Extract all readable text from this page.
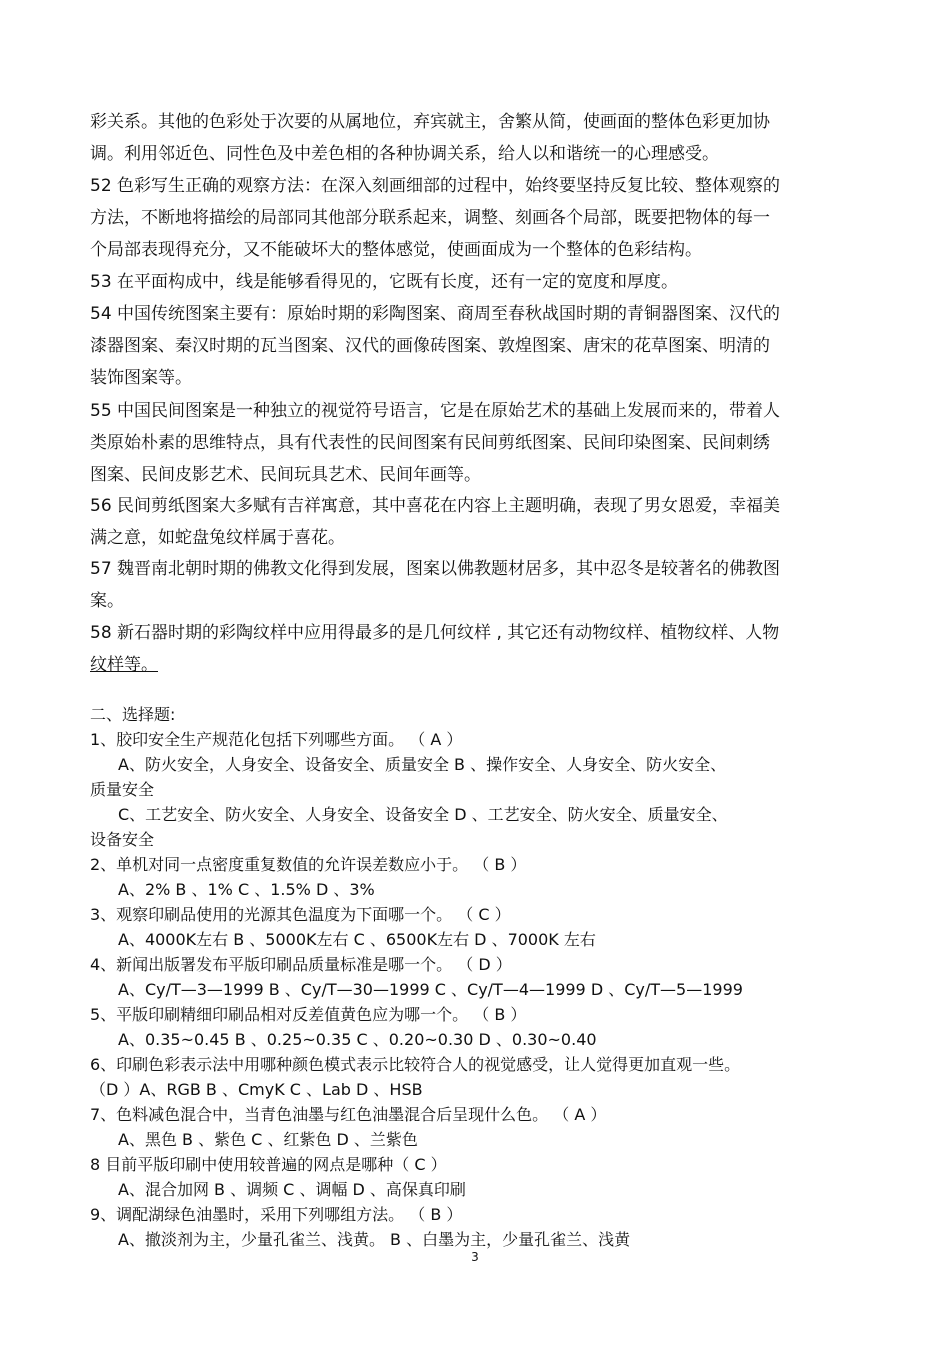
彩关系。其他的色彩处于次要的从属地位，弃宾就主，舍繁从简，使画面的整体色彩更加协
调。利用邻近色、同性色及中差色相的各种协调关系，给人以和谐统一的心理感受。
52 色彩写生正确的观察方法：在深入刻画细部的过程中，始终要坚持反复比较、整体观察的
方法，不断地将描绘的局部同其他部分联系起来，调整、刻画各个局部，既要把物体的每一
个局部表现得充分，又不能破坏大的整体感觉，使画面成为一个整体的色彩结构。
53 在平面构成中，线是能够看得见的，它既有长度，还有一定的宽度和厚度。
54 中国传统图案主要有：原始时期的彩陶图案、商周至春秋战国时期的青铜器图案、汉代的
漆器图案、秦汉时期的瓦当图案、汉代的画像砖图案、敦煌图案、唐宋的花草图案、明清的
装饰图案等。
55 中国民间图案是一种独立的视觉符号语言，它是在原始艺术的基础上发展而来的，带着人
类原始朴素的思维特点，具有代表性的民间图案有民间剪纸图案、民间印染图案、民间刺绣
图案、民间皮影艺术、民间玩具艺术、民间年画等。
56 民间剪纸图案大多赋有吉祥寓意，其中喜花在内容上主题明确，表现了男女恩爱，幸福美
满之意，如蛇盘兔纹样属于喜花。
57 魏晋南北朝时期的佛教文化得到发展，图案以佛教题材居多，其中忍冬是较著名的佛教图
案。
58 新石器时期的彩陶纹样中应用得最多的是几何纹样 , 其它还有动物纹样、植物纹样、人物
纹样等。
二、选择题:
1、胶印安全生产规范化包括下列哪些方面。 （ A ）
A、防火安全，人身安全、设备安全、质量安全 B 、操作安全、人身安全、防火安全、
质量安全
C、工艺安全、防火安全、人身安全、设备安全 D 、工艺安全、防火安全、质量安全、
设备安全
2、单机对同一点密度重复数值的允许误差数应小于。 （ B ）
A、2% B 、1% C 、1.5% D 、3%
3、观察印刷品使用的光源其色温度为下面哪一个。 （ C ）
A、4000K左右 B 、5000K左右 C 、6500K左右 D 、7000K 左右
4、新闻出版署发布平版印刷品质量标准是哪一个。 （ D ）
A、Cy/T—3—1999 B 、Cy/T—30—1999 C 、Cy/T—4—1999 D 、Cy/T—5—1999
5、平版印刷精细印刷品相对反差值黄色应为哪一个。 （ B ）
A、0.35~0.45 B 、0.25~0.35 C 、0.20~0.30 D 、0.30~0.40
6、印刷色彩表示法中用哪种颜色模式表示比较符合人的视觉感受，让人觉得更加直观一些。
（D ）A、RGB B 、CmyK C 、Lab D 、HSB
7、色料减色混合中，当青色油墨与红色油墨混合后呈现什么色。 （ A ）
A、黑色 B 、紫色 C 、红紫色 D 、兰紫色
8 目前平版印刷中使用较普遍的网点是哪种（ C ）
A、混合加网 B 、调频 C 、调幅 D 、高保真印刷
9、调配湖绿色油墨时，采用下列哪组方法。 （ B ）
A、撤淡剂为主，少量孔雀兰、浅黄。 B 、白墨为主，少量孔雀兰、浅黄
3
